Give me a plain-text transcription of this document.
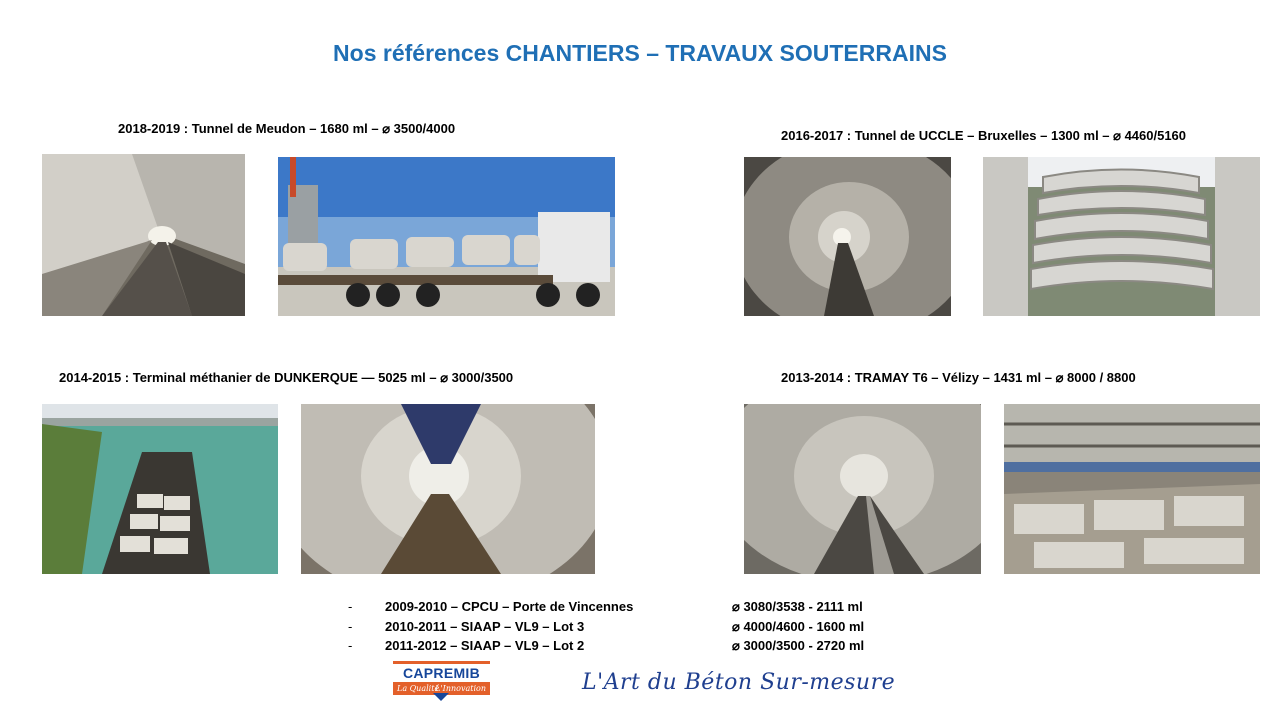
Nos références CHANTIERS – TRAVAUX SOUTERRAINS
2018-2019 : Tunnel de Meudon – 1680 ml – ⌀ 3500/4000	2016-2017 : Tunnel de UCCLE – Bruxelles – 1300 ml – ⌀ 4460/5160
2014-2015 : Terminal méthanier de DUNKERQUE — 5025 ml – ⌀ 3000/3500	2013-2014 : TRAMAY T6 – Vélizy – 1431 ml – ⌀ 8000 / 8800
-	2009-2010 – CPCU – Porte de Vincennes	⌀ 3080/3538 - 2111 ml
-	2010-2011 – SIAAP – VL9 – Lot 3	⌀ 4000/4600 - 1600 ml
-	2011-2012 – SIAAP – VL9 – Lot 2	⌀ 3000/3500 - 2720 ml
CAPREMIB
La Qualité
L'Innovation	L'Art du Béton Sur-mesure
